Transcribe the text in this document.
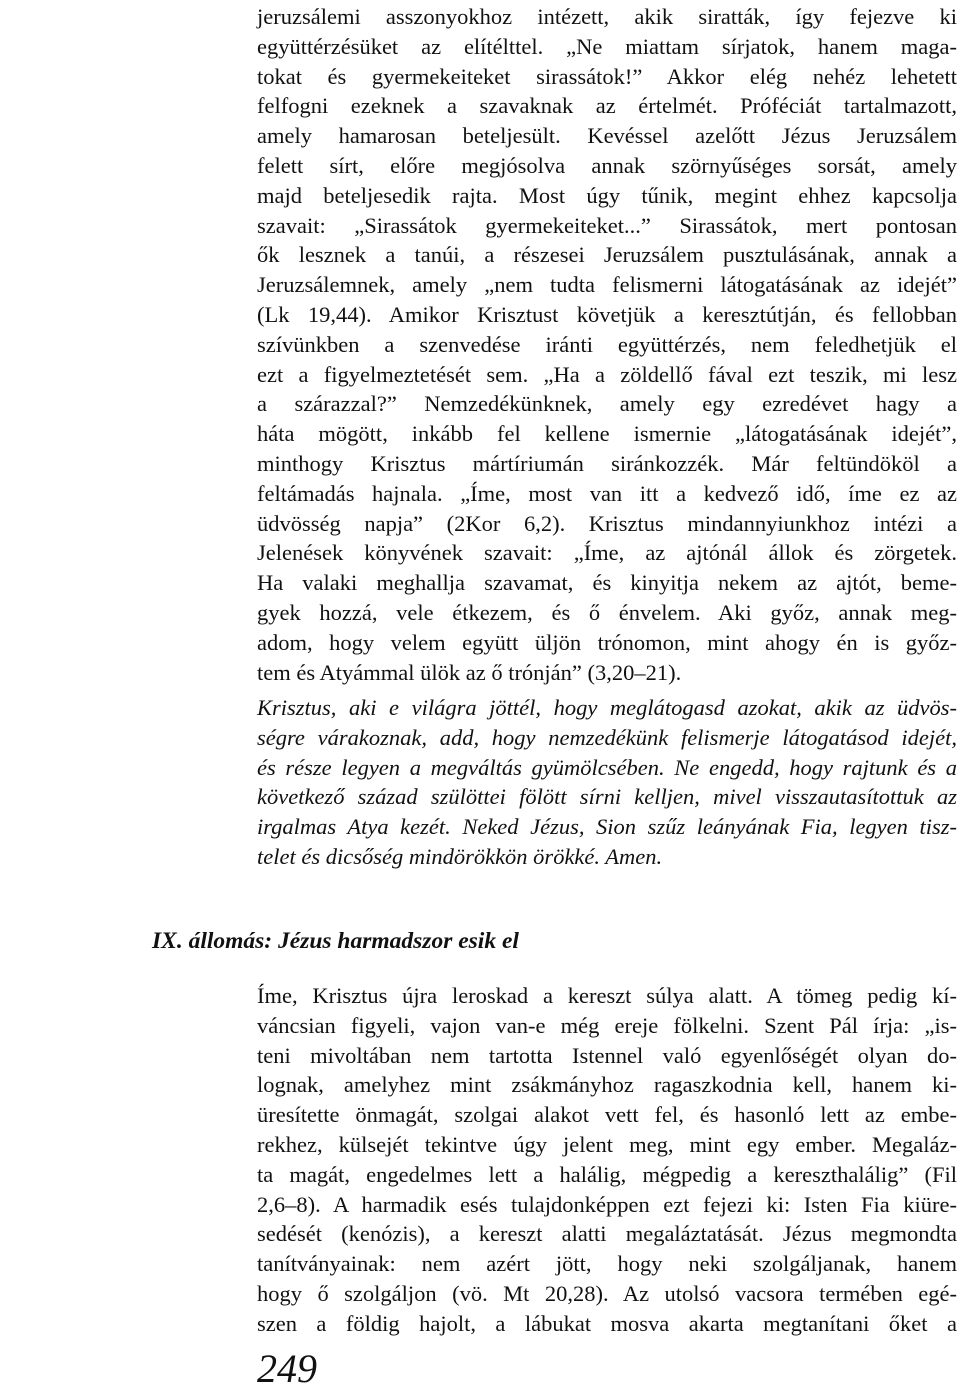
jeruzsálemi asszonyokhoz intézett, akik siratták, így fejezve ki
együttérzésüket az elítélttel. „Ne miattam sírjatok, hanem maga-
tokat és gyermekeiteket sirassátok!” Akkor elég nehéz lehetett
felfogni ezeknek a szavaknak az értelmét. Próféciát tartalmazott,
amely hamarosan beteljesült. Kevéssel azelőtt Jézus Jeruzsálem
felett sírt, előre megjósolva annak szörnyűséges sorsát, amely
majd beteljesedik rajta. Most úgy tűnik, megint ehhez kapcsolja
szavait: „Sirassátok gyermekeiteket...” Sirassátok, mert pontosan
ők lesznek a tanúi, a részesei Jeruzsálem pusztulásának, annak a
Jeruzsálemnek, amely „nem tudta felismerni látogatásának az idejét”
(Lk 19,44). Amikor Krisztust követjük a keresztútján, és fellobban
szívünkben a szenvedése iránti együttérzés, nem feledhetjük el
ezt a figyelmeztetését sem. „Ha a zöldellő fával ezt teszik, mi lesz
a szárazzal?” Nemzedékünknek, amely egy ezredévet hagy a
háta mögött, inkább fel kellene ismernie „látogatásának idejét”,
minthogy Krisztus mártíriumán siránkozzék. Már feltündököl a
feltámadás hajnala. „Íme, most van itt a kedvező idő, íme ez az
üdvösség napja” (2Kor 6,2). Krisztus mindannyiunkhoz intézi a
Jelenések könyvének szavait: „Íme, az ajtónál állok és zörgetek.
Ha valaki meghallja szavamat, és kinyitja nekem az ajtót, beme-
gyek hozzá, vele étkezem, és ő énvelem. Aki győz, annak meg-
adom, hogy velem együtt üljön trónomon, mint ahogy én is győz-
tem és Atyámmal ülök az ő trónján” (3,20–21).
Krisztus, aki e világra jöttél, hogy meglátogasd azokat, akik az üdvös-
ségre várakoznak, add, hogy nemzedékünk felismerje látogatásod idejét,
és része legyen a megváltás gyümölcsében. Ne engedd, hogy rajtunk és a
következő század szülöttei fölött sírni kelljen, mivel visszautasítottuk az
irgalmas Atya kezét. Neked Jézus, Sion szűz leányának Fia, legyen tisz-
telet és dicsőség mindörökkön örökké. Amen.
IX. állomás: Jézus harmadszor esik el
Íme, Krisztus újra leroskad a kereszt súlya alatt. A tömeg pedig kí-
váncsian figyeli, vajon van-e még ereje fölkelni. Szent Pál írja: „is-
teni mivoltában nem tartotta Istennel való egyenlőségét olyan do-
lognak, amelyhez mint zsákmányhoz ragaszkodnia kell, hanem ki-
üresítette önmagát, szolgai alakot vett fel, és hasonló lett az embe-
rekhez, külsejét tekintve úgy jelent meg, mint egy ember. Megaláz-
ta magát, engedelmes lett a halálig, mégpedig a kereszthalálig” (Fil
2,6–8). A harmadik esés tulajdonképpen ezt fejezi ki: Isten Fia kiüre-
sedését (kenózis), a kereszt alatti megaláztatását. Jézus megmondta
tanítványainak: nem azért jött, hogy neki szolgáljanak, hanem
hogy ő szolgáljon (vö. Mt 20,28). Az utolsó vacsora termében egé-
szen a földig hajolt, a lábukat mosva akarta megtanítani őket a
249
